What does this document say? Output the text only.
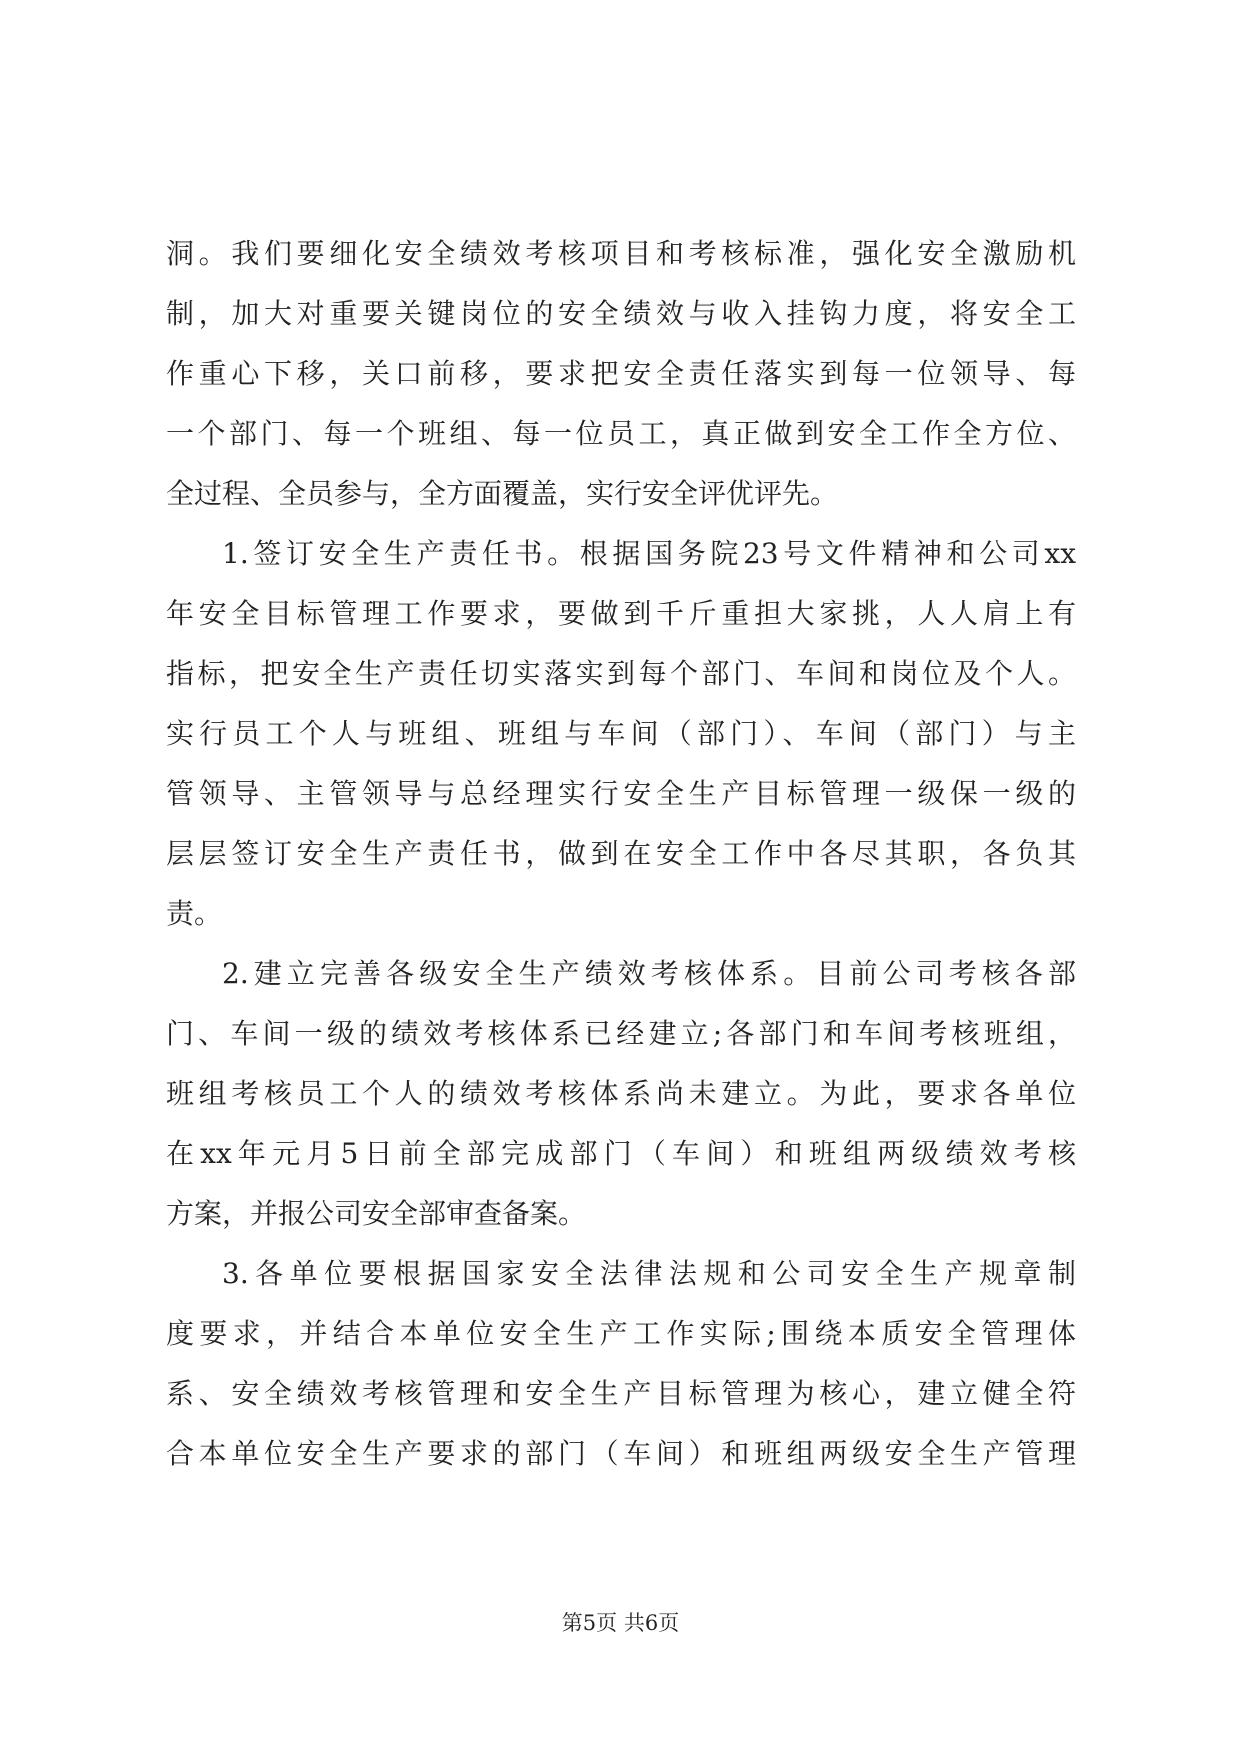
洞。我们要细化安全绩效考核项目和考核标准，强化安全激励机
制，加大对重要关键岗位的安全绩效与收入挂钩力度，将安全工
作重心下移，关口前移，要求把安全责任落实到每一位领导、每
一个部门、每一个班组、每一位员工，真正做到安全工作全方位、
全过程、全员参与，全方面覆盖，实行安全评优评先。
1.签订安全生产责任书。根据国务院23号文件精神和公司xx
年安全目标管理工作要求，要做到千斤重担大家挑，人人肩上有
指标，把安全生产责任切实落实到每个部门、车间和岗位及个人。
实行员工个人与班组、班组与车间（部门）、车间（部门）与主
管领导、主管领导与总经理实行安全生产目标管理一级保一级的
层层签订安全生产责任书，做到在安全工作中各尽其职，各负其
责。
2.建立完善各级安全生产绩效考核体系。目前公司考核各部
门、车间一级的绩效考核体系已经建立;各部门和车间考核班组，
班组考核员工个人的绩效考核体系尚未建立。为此，要求各单位
在xx年元月5日前全部完成部门（车间）和班组两级绩效考核
方案，并报公司安全部审查备案。
3.各单位要根据国家安全法律法规和公司安全生产规章制
度要求，并结合本单位安全生产工作实际;围绕本质安全管理体
系、安全绩效考核管理和安全生产目标管理为核心，建立健全符
合本单位安全生产要求的部门（车间）和班组两级安全生产管理
第5页 共6页
